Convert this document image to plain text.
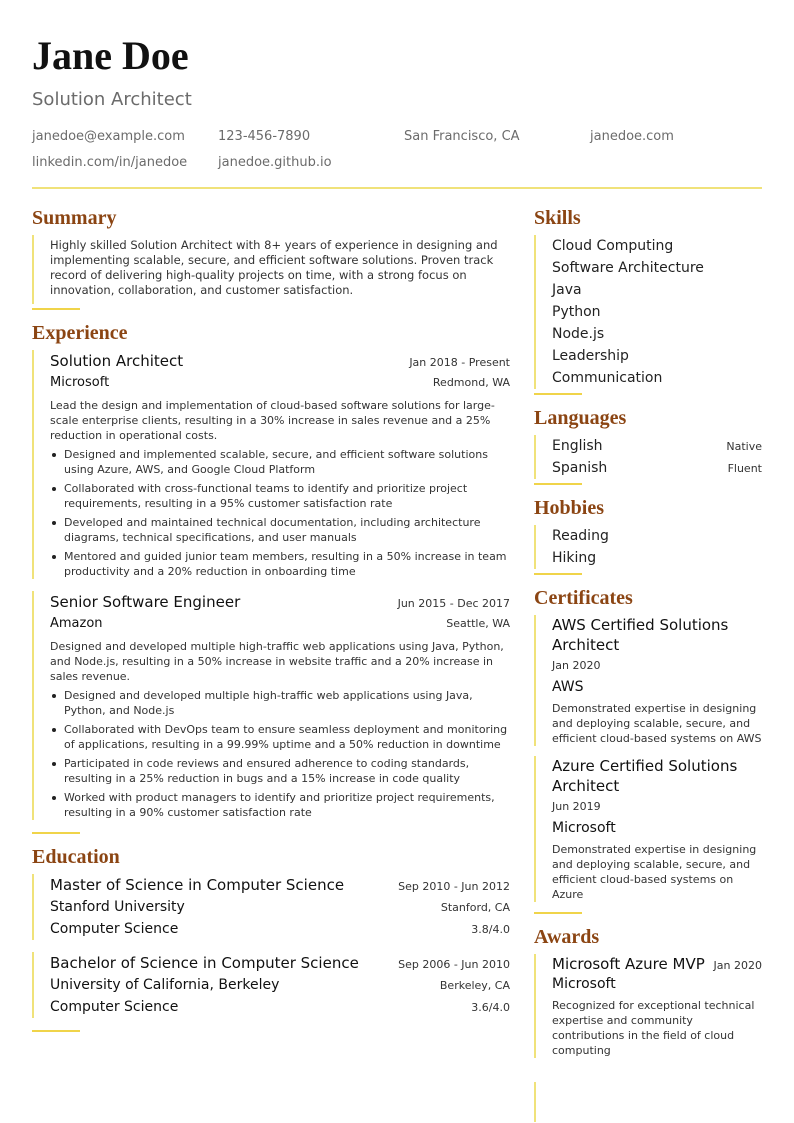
Jane Doe
Solution Architect
janedoe@example.com	123-456-7890	San Francisco, CA	janedoe.com
linkedin.com/in/janedoe	janedoe.github.io
Summary
Highly skilled Solution Architect with 8+ years of experience in designing and implementing scalable, secure, and efficient software solutions. Proven track record of delivering high-quality projects on time, with a strong focus on innovation, collaboration, and customer satisfaction.
Experience
Solution Architect	Jan 2018 - Present
Microsoft	Redmond, WA
Lead the design and implementation of cloud-based software solutions for large-scale enterprise clients, resulting in a 30% increase in sales revenue and a 25% reduction in operational costs.
Designed and implemented scalable, secure, and efficient software solutions using Azure, AWS, and Google Cloud Platform
Collaborated with cross-functional teams to identify and prioritize project requirements, resulting in a 95% customer satisfaction rate
Developed and maintained technical documentation, including architecture diagrams, technical specifications, and user manuals
Mentored and guided junior team members, resulting in a 50% increase in team productivity and a 20% reduction in onboarding time
Senior Software Engineer	Jun 2015 - Dec 2017
Amazon	Seattle, WA
Designed and developed multiple high-traffic web applications using Java, Python, and Node.js, resulting in a 50% increase in website traffic and a 20% increase in sales revenue.
Designed and developed multiple high-traffic web applications using Java, Python, and Node.js
Collaborated with DevOps team to ensure seamless deployment and monitoring of applications, resulting in a 99.99% uptime and a 50% reduction in downtime
Participated in code reviews and ensured adherence to coding standards, resulting in a 25% reduction in bugs and a 15% increase in code quality
Worked with product managers to identify and prioritize project requirements, resulting in a 90% customer satisfaction rate
Education
Master of Science in Computer Science	Sep 2010 - Jun 2012
Stanford University	Stanford, CA
Computer Science	3.8/4.0
Bachelor of Science in Computer Science	Sep 2006 - Jun 2010
University of California, Berkeley	Berkeley, CA
Computer Science	3.6/4.0
Skills
Cloud Computing
Software Architecture
Java
Python
Node.js
Leadership
Communication
Languages
English	Native
Spanish	Fluent
Hobbies
Reading
Hiking
Certificates
AWS Certified Solutions Architect
Jan 2020
AWS
Demonstrated expertise in designing and deploying scalable, secure, and efficient cloud-based systems on AWS
Azure Certified Solutions Architect
Jun 2019
Microsoft
Demonstrated expertise in designing and deploying scalable, secure, and efficient cloud-based systems on Azure
Awards
Microsoft Azure MVP Jan 2020
Microsoft
Recognized for exceptional technical expertise and community contributions in the field of cloud computing
